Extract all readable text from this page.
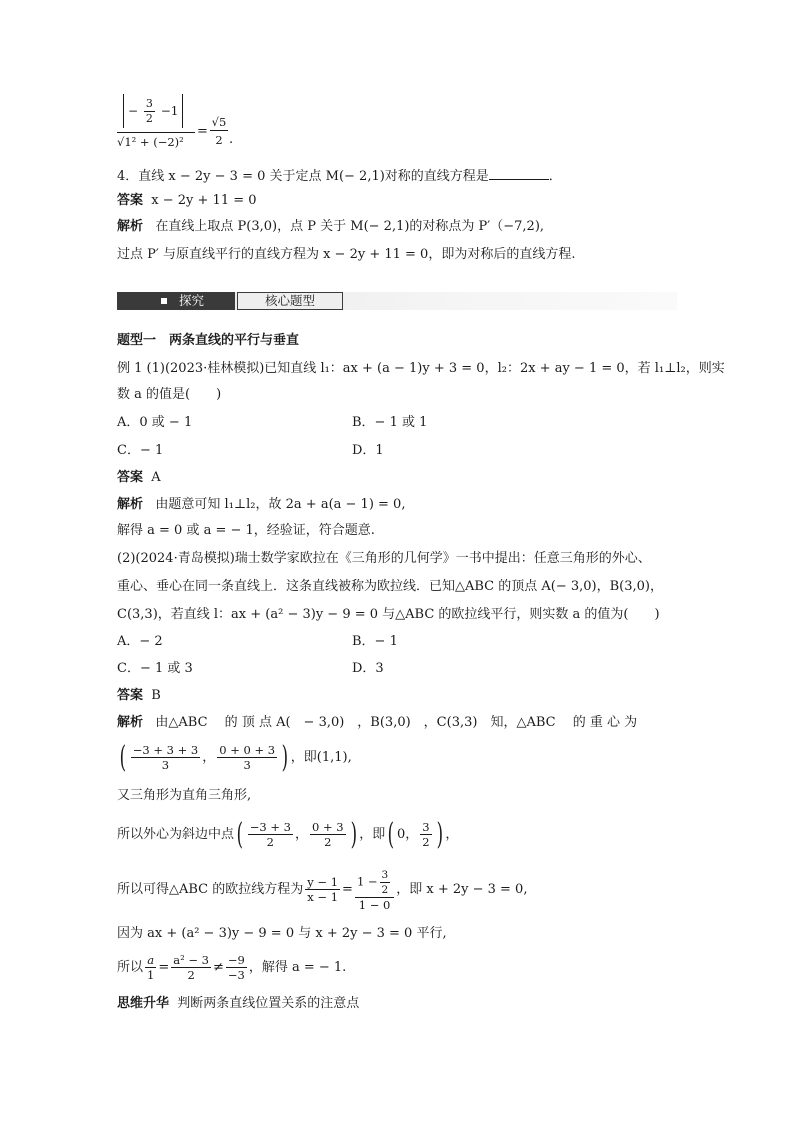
− $\frac{3}{2} -1$
√1² + (−2)²
=
√5
2 .
4．直线 x − 2y − 3 = 0 关于定点 M(− 2,1)对称的直线方程是	．
答案 x − 2y + 11 = 0
解析 在直线上取点 P(3,0)，点 P 关于 M(− 2,1)的对称点为 P′（−7,2),
过点 P′ 与原直线平行的直线方程为 x − 2y + 11 = 0，即为对称后的直线方程.
探究	核心题型
题型一　两条直线的平行与垂直
例 1 (1)(2023·桂林模拟)已知直线 l₁：ax + (a − 1)y + 3 = 0，l₂：2x + ay − 1 = 0，若 l₁⊥l₂，则实
数 a 的值是(　　)
A．0 或 − 1	B．− 1 或 1
C．− 1	D．1
答案 A
解析 由题意可知 l₁⊥l₂，故 2a + a(a − 1) = 0,
解得 a = 0 或 a = − 1，经验证，符合题意.
(2)(2024·青岛模拟)瑞士数学家欧拉在《三角形的几何学》一书中提出：任意三角形的外心、
重心、垂心在同一条直线上．这条直线被称为欧拉线．已知△ABC 的顶点 A(− 3,0)，B(3,0)，
C(3,3)，若直线 l：ax + (a² − 3)y − 9 = 0 与△ABC 的欧拉线平行，则实数 a 的值为(　　)
A．− 2	B．− 1
C．− 1 或 3	D．3
答案 B
解析 由△ABC　 的 顶 点 A(　− 3,0)　，B(3,0)　，C(3,3)　知，△ABC　 的 重 心 为
( $\frac{-3 + 3 + 3}{3}$ ， $\frac{0 + 0 + 3}{3}$ ) ，即(1,1),
又三角形为直角三角形,
所以外心为斜边中点( $\frac{-3 + 3}{2}$ ， $\frac{0 + 3}{2}$ ) ，即( 0， $\frac{3}{2}$ ) ，
所以可得△ABC 的欧拉线方程为 $\frac{y - 1}{x - 1} = \frac{1 - \frac{3}{2}}{1 - 0}$ ，即 x + 2y − 3 = 0,
因为 ax + (a² − 3)y − 9 = 0 与 x + 2y − 3 = 0 平行,
所以 $\frac{a}{1} = \frac{\text{a² − 3}}{2} \ne \frac{-9}{-3}$ ，解得 a = − 1.
思维升华 判断两条直线位置关系的注意点
